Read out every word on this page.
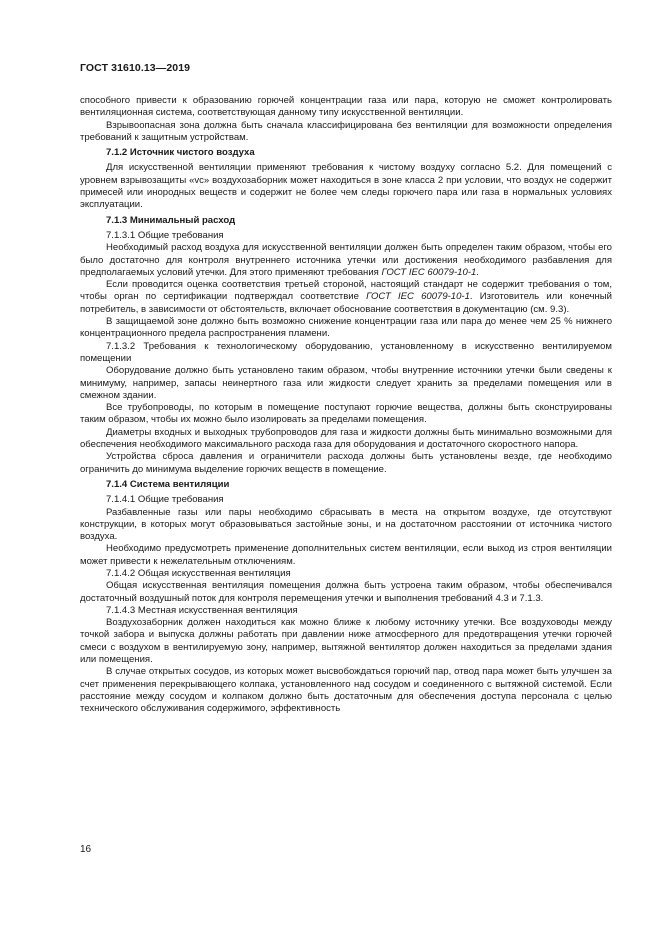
ГОСТ 31610.13—2019

способного привести к образованию горючей концентрации газа или пара, которую не сможет контролировать вентиляционная система, соответствующая данному типу искусственной вентиляции.

Взрывоопасная зона должна быть сначала классифицирована без вентиляции для возможности определения требований к защитным устройствам.

7.1.2 Источник чистого воздуха

Для искусственной вентиляции применяют требования к чистому воздуху согласно 5.2. Для помещений с уровнем взрывозащиты «vc» воздухозаборник может находиться в зоне класса 2 при условии, что воздух не содержит примесей или инородных веществ и содержит не более чем следы горючего пара или газа в нормальных условиях эксплуатации.

7.1.3 Минимальный расход

7.1.3.1 Общие требования

Необходимый расход воздуха для искусственной вентиляции должен быть определен таким образом, чтобы его было достаточно для контроля внутреннего источника утечки или достижения необходимого разбавления для предполагаемых условий утечки. Для этого применяют требования ГОСТ IEC 60079-10-1.

Если проводится оценка соответствия третьей стороной, настоящий стандарт не содержит требования о том, чтобы орган по сертификации подтверждал соответствие ГОСТ IEC 60079-10-1. Изготовитель или конечный потребитель, в зависимости от обстоятельств, включает обоснование соответствия в документацию (см. 9.3).

В защищаемой зоне должно быть возможно снижение концентрации газа или пара до менее чем 25 % нижнего концентрационного предела распространения пламени.

7.1.3.2 Требования к технологическому оборудованию, установленному в искусственно вентилируемом помещении

Оборудование должно быть установлено таким образом, чтобы внутренние источники утечки были сведены к минимуму, например, запасы неинертного газа или жидкости следует хранить за пределами помещения или в смежном здании.

Все трубопроводы, по которым в помещение поступают горючие вещества, должны быть сконструированы таким образом, чтобы их можно было изолировать за пределами помещения.

Диаметры входных и выходных трубопроводов для газа и жидкости должны быть минимально возможными для обеспечения необходимого максимального расхода газа для оборудования и достаточного скоростного напора.

Устройства сброса давления и ограничители расхода должны быть установлены везде, где необходимо ограничить до минимума выделение горючих веществ в помещение.

7.1.4 Система вентиляции

7.1.4.1 Общие требования

Разбавленные газы или пары необходимо сбрасывать в места на открытом воздухе, где отсутствуют конструкции, в которых могут образовываться застойные зоны, и на достаточном расстоянии от источника чистого воздуха.

Необходимо предусмотреть применение дополнительных систем вентиляции, если выход из строя вентиляции может привести к нежелательным отключениям.

7.1.4.2 Общая искусственная вентиляция

Общая искусственная вентиляция помещения должна быть устроена таким образом, чтобы обеспечивался достаточный воздушный поток для контроля перемещения утечки и выполнения требований 4.3 и 7.1.3.

7.1.4.3 Местная искусственная вентиляция

Воздухозаборник должен находиться как можно ближе к любому источнику утечки. Все воздуховоды между точкой забора и выпуска должны работать при давлении ниже атмосферного для предотвращения утечки горючей смеси с воздухом в вентилируемую зону, например, вытяжной вентилятор должен находиться за пределами здания или помещения.

В случае открытых сосудов, из которых может высвобождаться горючий пар, отвод пара может быть улучшен за счет применения перекрывающего колпака, установленного над сосудом и соединенного с вытяжной системой. Если расстояние между сосудом и колпаком должно быть достаточным для обеспечения доступа персонала с целью технического обслуживания содержимого, эффективность

16
